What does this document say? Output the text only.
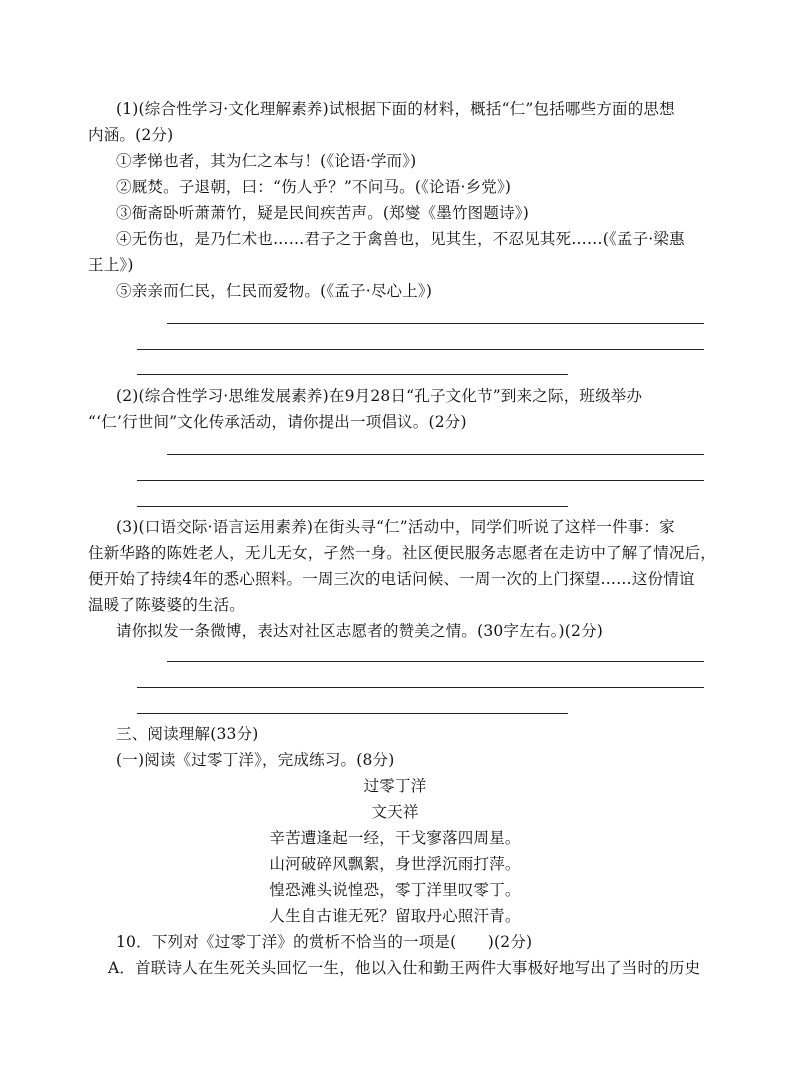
(1)(综合性学习·文化理解素养)试根据下面的材料，概括“仁”包括哪些方面的思想
内涵。(2分)
①孝悌也者，其为仁之本与！(《论语·学而》)
②厩焚。子退朝，曰：“伤人乎？”不问马。(《论语·乡党》)
③衙斋卧听萧萧竹，疑是民间疾苦声。(郑燮《墨竹图题诗》)
④无伤也，是乃仁术也……君子之于禽兽也，见其生，不忍见其死……(《孟子·梁惠
王上》)
⑤亲亲而仁民，仁民而爱物。(《孟子·尽心上》)
(2)(综合性学习·思维发展素养)在9月28日“孔子文化节”到来之际，班级举办
“‘仁’行世间”文化传承活动，请你提出一项倡议。(2分)
(3)(口语交际·语言运用素养)在街头寻“仁”活动中，同学们听说了这样一件事：家
住新华路的陈姓老人，无儿无女，孑然一身。社区便民服务志愿者在走访中了解了情况后，
便开始了持续4年的悉心照料。一周三次的电话问候、一周一次的上门探望……这份情谊
温暖了陈婆婆的生活。
请你拟发一条微博，表达对社区志愿者的赞美之情。(30字左右。)(2分)
三、阅读理解(33分)
(一)阅读《过零丁洋》，完成练习。(8分)
过零丁洋
文天祥
辛苦遭逢起一经，干戈寥落四周星。
山河破碎风飘絮，身世浮沉雨打萍。
惶恐滩头说惶恐，零丁洋里叹零丁。
人生自古谁无死？留取丹心照汗青。
10．下列对《过零丁洋》的赏析不恰当的一项是(　　)(2分)
A．首联诗人在生死关头回忆一生，他以入仕和勤王两件大事极好地写出了当时的历史
